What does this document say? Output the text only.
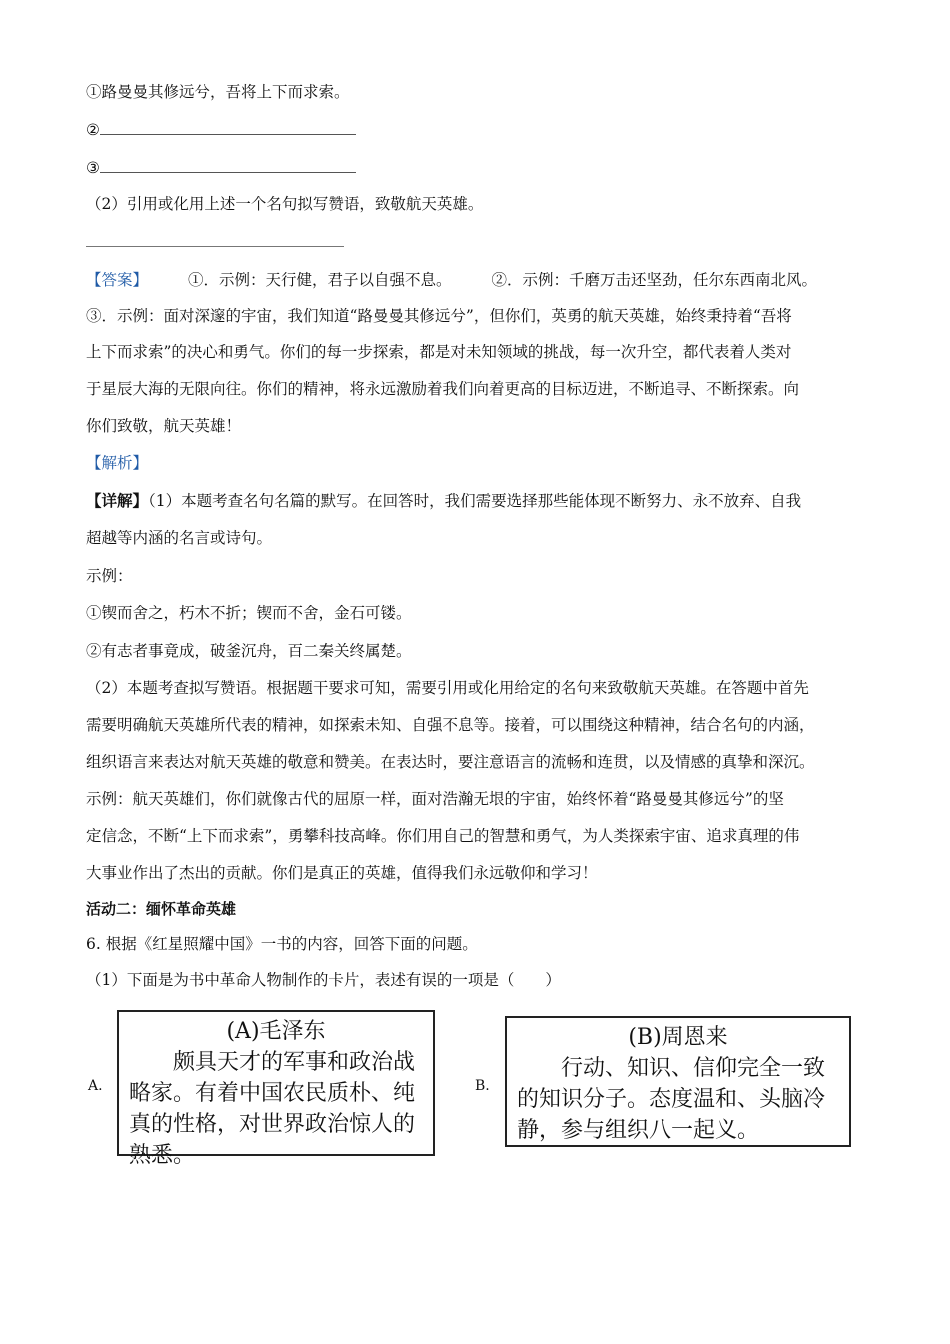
①路曼曼其修远兮，吾将上下而求索。
②
③
（2）引用或化用上述一个名句拟写赞语，致敬航天英雄。
【答案】	①．示例：天行健，君子以自强不息。	②．示例：千磨万击还坚劲，任尔东西南北风。
③．示例：面对深邃的宇宙，我们知道“路曼曼其修远兮”，但你们，英勇的航天英雄，始终秉持着“吾将
上下而求索”的决心和勇气。你们的每一步探索，都是对未知领域的挑战，每一次升空，都代表着人类对
于星辰大海的无限向往。你们的精神，将永远激励着我们向着更高的目标迈进，不断追寻、不断探索。向
你们致敬，航天英雄！
【解析】
【详解】（1）本题考查名句名篇的默写。在回答时，我们需要选择那些能体现不断努力、永不放弃、自我
超越等内涵的名言或诗句。
示例：
①锲而舍之，朽木不折；锲而不舍，金石可镂。
②有志者事竟成，破釜沉舟，百二秦关终属楚。
（2）本题考查拟写赞语。根据题干要求可知，需要引用或化用给定的名句来致敬航天英雄。在答题中首先
需要明确航天英雄所代表的精神，如探索未知、自强不息等。接着，可以围绕这种精神，结合名句的内涵，
组织语言来表达对航天英雄的敬意和赞美。在表达时，要注意语言的流畅和连贯，以及情感的真挚和深沉。
示例：航天英雄们，你们就像古代的屈原一样，面对浩瀚无垠的宇宙，始终怀着“路曼曼其修远兮”的坚
定信念，不断“上下而求索”，勇攀科技高峰。你们用自己的智慧和勇气，为人类探索宇宙、追求真理的伟
大事业作出了杰出的贡献。你们是真正的英雄，值得我们永远敬仰和学习！
活动二：缅怀革命英雄
6. 根据《红星照耀中国》一书的内容，回答下面的问题。
（1）下面是为书中革命人物制作的卡片，表述有误的一项是（　　）
A.
(A)毛泽东
颇具天才的军事和政治战略家。有着中国农民质朴、纯真的性格，对世界政治惊人的熟悉。
B.
(B)周恩来
行动、知识、信仰完全一致的知识分子。态度温和、头脑冷静，参与组织八一起义。
